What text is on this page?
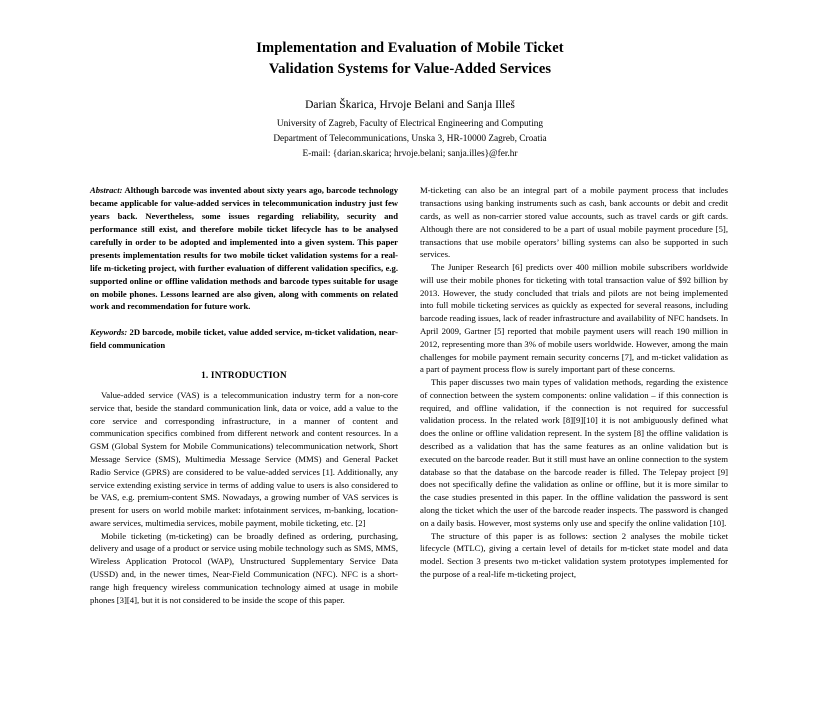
Implementation and Evaluation of Mobile Ticket
Validation Systems for Value-Added Services
Darian Škarica, Hrvoje Belani and Sanja Illeš
University of Zagreb, Faculty of Electrical Engineering and Computing
Department of Telecommunications, Unska 3, HR-10000 Zagreb, Croatia
E-mail: {darian.skarica; hrvoje.belani; sanja.illes}@fer.hr
Abstract: Although barcode was invented about sixty years ago, barcode technology became applicable for value-added services in telecommunication industry just few years back. Nevertheless, some issues regarding reliability, security and performance still exist, and therefore mobile ticket lifecycle has to be analysed carefully in order to be adopted and implemented into a given system. This paper presents implementation results for two mobile ticket validation systems for a real-life m-ticketing project, with further evaluation of different validation specifics, e.g. supported online or offline validation methods and barcode types suitable for usage on mobile phones. Lessons learned are also given, along with comments on related work and recommendation for future work.
Keywords: 2D barcode, mobile ticket, value added service, m-ticket validation, near-field communication
1. INTRODUCTION

Value-added service (VAS) is a telecommunication industry term for a non-core service that, beside the standard communication link, data or voice, add a value to the core service and corresponding infrastructure, in a manner of content and communication specifics combined from different network and content resources. In a GSM (Global System for Mobile Communications) telecommunication network, Short Message Service (SMS), Multimedia Message Service (MMS) and General Packet Radio Service (GPRS) are considered to be value-added services [1]. Additionally, any service extending existing service in terms of adding value to users is also considered to be VAS, e.g. premium-content SMS. Nowadays, a growing number of VAS services is present for users on world mobile market: infotainment services, m-banking, location-aware services, multimedia services, mobile payment, mobile ticketing, etc. [2]

Mobile ticketing (m-ticketing) can be broadly defined as ordering, purchasing, delivery and usage of a product or service using mobile technology such as SMS, MMS, Wireless Application Protocol (WAP), Unstructured Supplementary Service Data (USSD) and, in the newer times, Near-Field Communication (NFC). NFC is a short-range high frequency wireless communication technology aimed at usage in mobile phones [3][4], but it is not considered to be inside the scope of this paper.

M-ticketing can also be an integral part of a mobile payment process that includes transactions using banking instruments such as cash, bank accounts or debit and credit cards, as well as non-carrier stored value accounts, such as travel cards or gift cards. Although there are not considered to be a part of usual mobile payment procedure [5], transactions that use mobile operators’ billing systems can also be supported in such services.

The Juniper Research [6] predicts over 400 million mobile subscribers worldwide will use their mobile phones for ticketing with total transaction value of $92 billion by 2013. However, the study concluded that trials and pilots are not being implemented into full mobile ticketing services as quickly as expected for several reasons, including barcode reading issues, lack of reader infrastructure and availability of NFC handsets. In April 2009, Gartner [5] reported that mobile payment users will reach 190 million in 2012, representing more than 3% of mobile users worldwide. However, among the main challenges for mobile payment remain security concerns [7], and m-ticket validation as a part of payment process flow is surely important part of these concerns.

This paper discusses two main types of validation methods, regarding the existence of connection between the system components: online validation – if this connection is required, and offline validation, if the connection is not required for successful validation process. In the related work [8][9][10] it is not ambiguously defined what does the online or offline validation represent. In the system [8] the offline validation is described as a validation that has the same features as an online validation but is executed on the barcode reader. But it still must have an online connection to the system database so that the database on the barcode reader is filled. The Telepay project [9] does not specifically define the validation as online or offline, but it is more similar to the case studies presented in this paper. In the offline validation the password is sent along the ticket which the user of the barcode reader inspects. The password is changed on a daily basis. However, most systems only use and specify the online validation [10].

The structure of this paper is as follows: section 2 analyses the mobile ticket lifecycle (MTLC), giving a certain level of details for m-ticket state model and data model. Section 3 presents two m-ticket validation system prototypes implemented for the purpose of a real-life m-ticketing project,
